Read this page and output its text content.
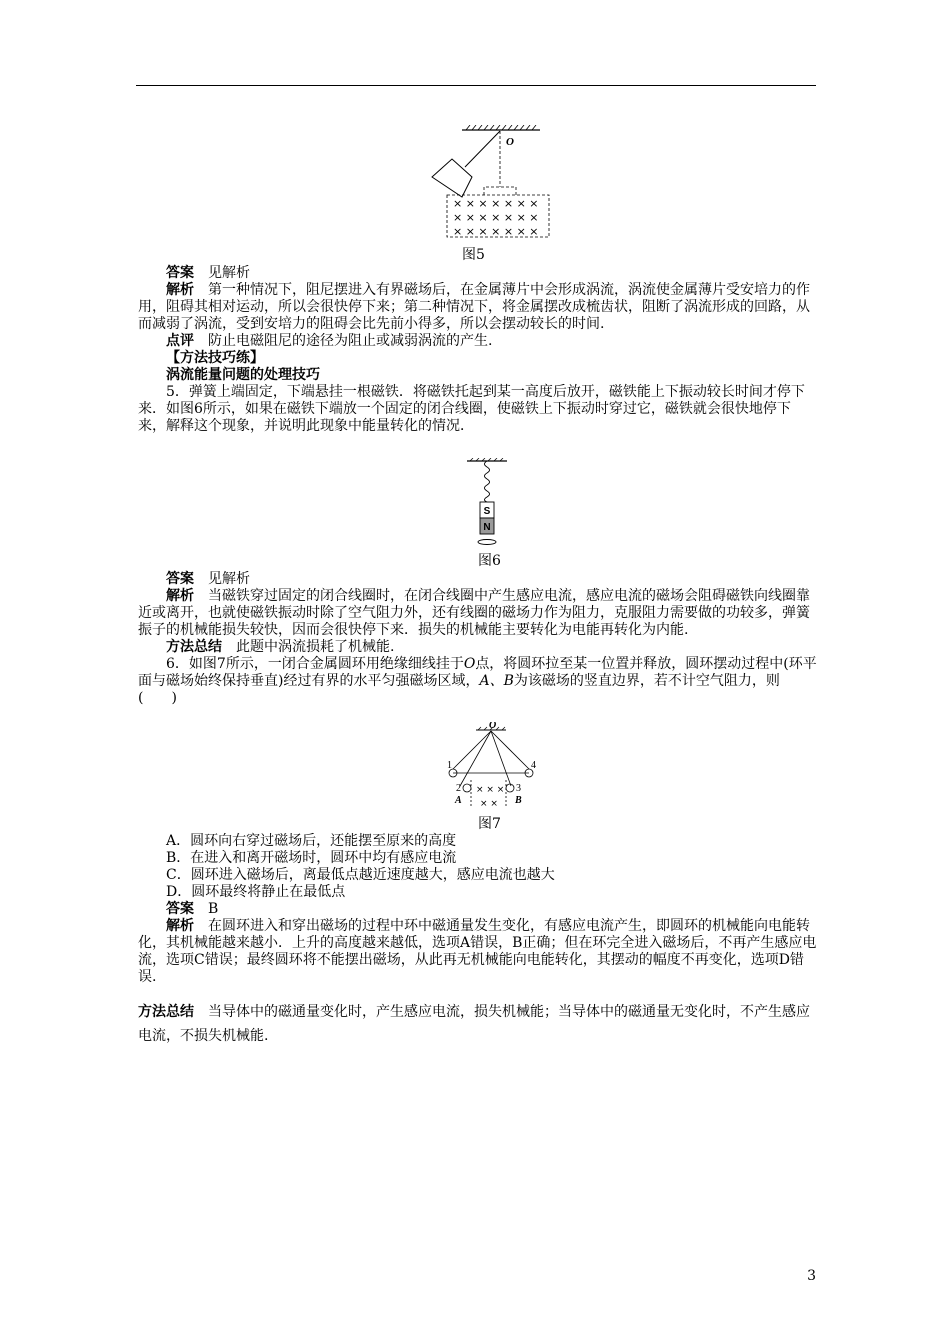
× × × × × × ×
× × × × × × ×
× × × × × × ×
O
图5

答案　 见解析

解析　 第一种情况下，阻尼摆进入有界磁场后，在金属薄片中会形成涡流，涡流使金属薄片受安培力的作用，阻碍其相对运动，所以会很快停下来；第二种情况下，将金属摆改成梳齿状，阻断了涡流形成的回路，从而减弱了涡流，受到安培力的阻碍会比先前小得多，所以会摆动较长的时间.

点评　 防止电磁阻尼的途径为阻止或减弱涡流的产生.

【方法技巧练】

涡流能量问题的处理技巧

5．弹簧上端固定，下端悬挂一根磁铁．将磁铁托起到某一高度后放开，磁铁能上下振动较长时间才停下来．如图6所示，如果在磁铁下端放一个固定的闭合线圈，使磁铁上下振动时穿过它，磁铁就会很快地停下来，解释这个现象，并说明此现象中能量转化的情况．

S
N
图6

答案　 见解析

解析　 当磁铁穿过固定的闭合线圈时，在闭合线圈中产生感应电流，感应电流的磁场会阻碍磁铁向线圈靠近或离开，也就使磁铁振动时除了空气阻力外，还有线圈的磁场力作为阻力，克服阻力需要做的功较多，弹簧振子的机械能损失较快，因而会很快停下来．损失的机械能主要转化为电能再转化为内能.

方法总结　 此题中涡流损耗了机械能.

6．如图7所示，一闭合金属圆环用绝缘细线挂于O点，将圆环拉至某一位置并释放，圆环摆动过程中(环平面与磁场始终保持垂直)经过有界的水平匀强磁场区域，A、B为该磁场的竖直边界，若不计空气阻力，则(　　)

O
× × ×
× ×
1	4
2	3
A	B
图7

A．圆环向右穿过磁场后，还能摆至原来的高度

B．在进入和离开磁场时，圆环中均有感应电流

C．圆环进入磁场后，离最低点越近速度越大，感应电流也越大

D．圆环最终将静止在最低点

答案　 B

解析　 在圆环进入和穿出磁场的过程中环中磁通量发生变化，有感应电流产生，即圆环的机械能向电能转化，其机械能越来越小．上升的高度越来越低，选项A错误，B正确；但在环完全进入磁场后，不再产生感应电流，选项C错误；最终圆环将不能摆出磁场，从此再无机械能向电能转化，其摆动的幅度不再变化，选项D错误.

方法总结　 当导体中的磁通量变化时，产生感应电流，损失机械能；当导体中的磁通量无变化时，不产生感应电流，不损失机械能.

3
